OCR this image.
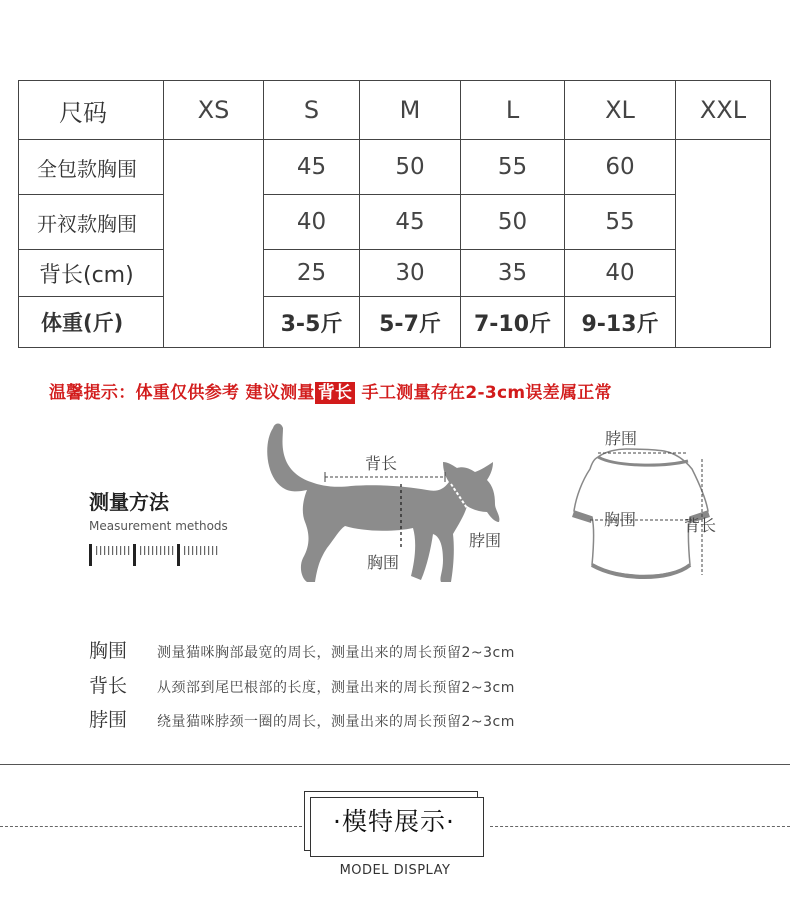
尺码	XS	S	M	L	XL	XXL
全包款胸围		45	50	55	60	
开衩款胸围		40	45	50	55	
背长(cm)		25	30	35	40	
体重(斤)		3-5斤	5-7斤	7-10斤	9-13斤	
温馨提示：体重仅供参考 建议测量 背长 手工测量存在2-3cm误差属正常
测量方法
Measurement methods
背长
胸围
脖围
脖围
胸围	背长
胸围 测量猫咪胸部最宽的周长，测量出来的周长预留2~3cm
背长 从颈部到尾巴根部的长度，测量出来的周长预留2~3cm
脖围 绕量猫咪脖颈一圈的周长，测量出来的周长预留2~3cm
·模特展示·
MODEL DISPLAY
